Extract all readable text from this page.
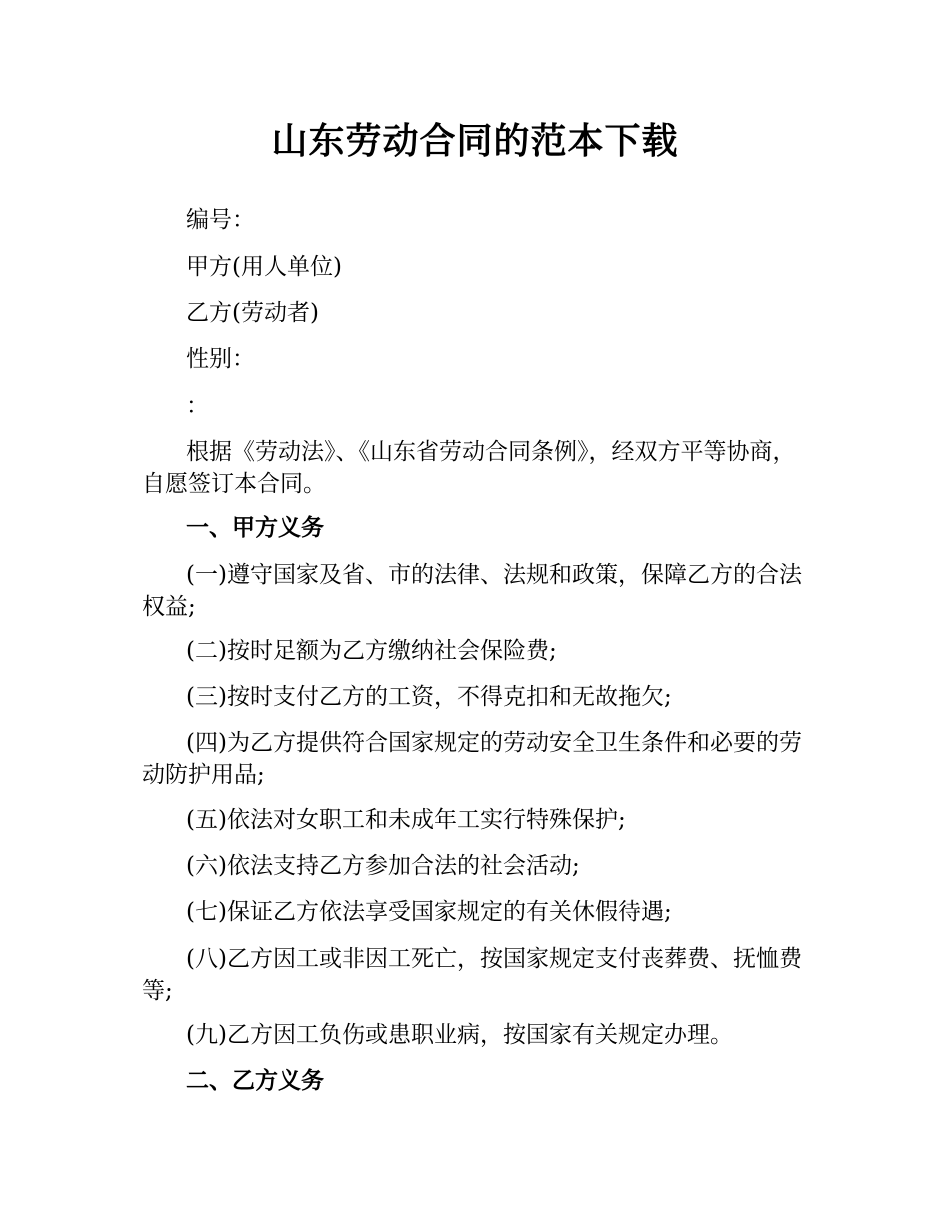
山东劳动合同的范本下载

编号：

甲方(用人单位)

乙方(劳动者)

性别：

：

根据《劳动法》、《山东省劳动合同条例》，经双方平等协商，自愿签订本合同。

一、甲方义务

(一)遵守国家及省、市的法律、法规和政策，保障乙方的合法权益;

(二)按时足额为乙方缴纳社会保险费;

(三)按时支付乙方的工资，不得克扣和无故拖欠;

(四)为乙方提供符合国家规定的劳动安全卫生条件和必要的劳动防护用品;

(五)依法对女职工和未成年工实行特殊保护;

(六)依法支持乙方参加合法的社会活动;

(七)保证乙方依法享受国家规定的有关休假待遇;

(八)乙方因工或非因工死亡，按国家规定支付丧葬费、抚恤费等;

(九)乙方因工负伤或患职业病，按国家有关规定办理。

二、乙方义务
